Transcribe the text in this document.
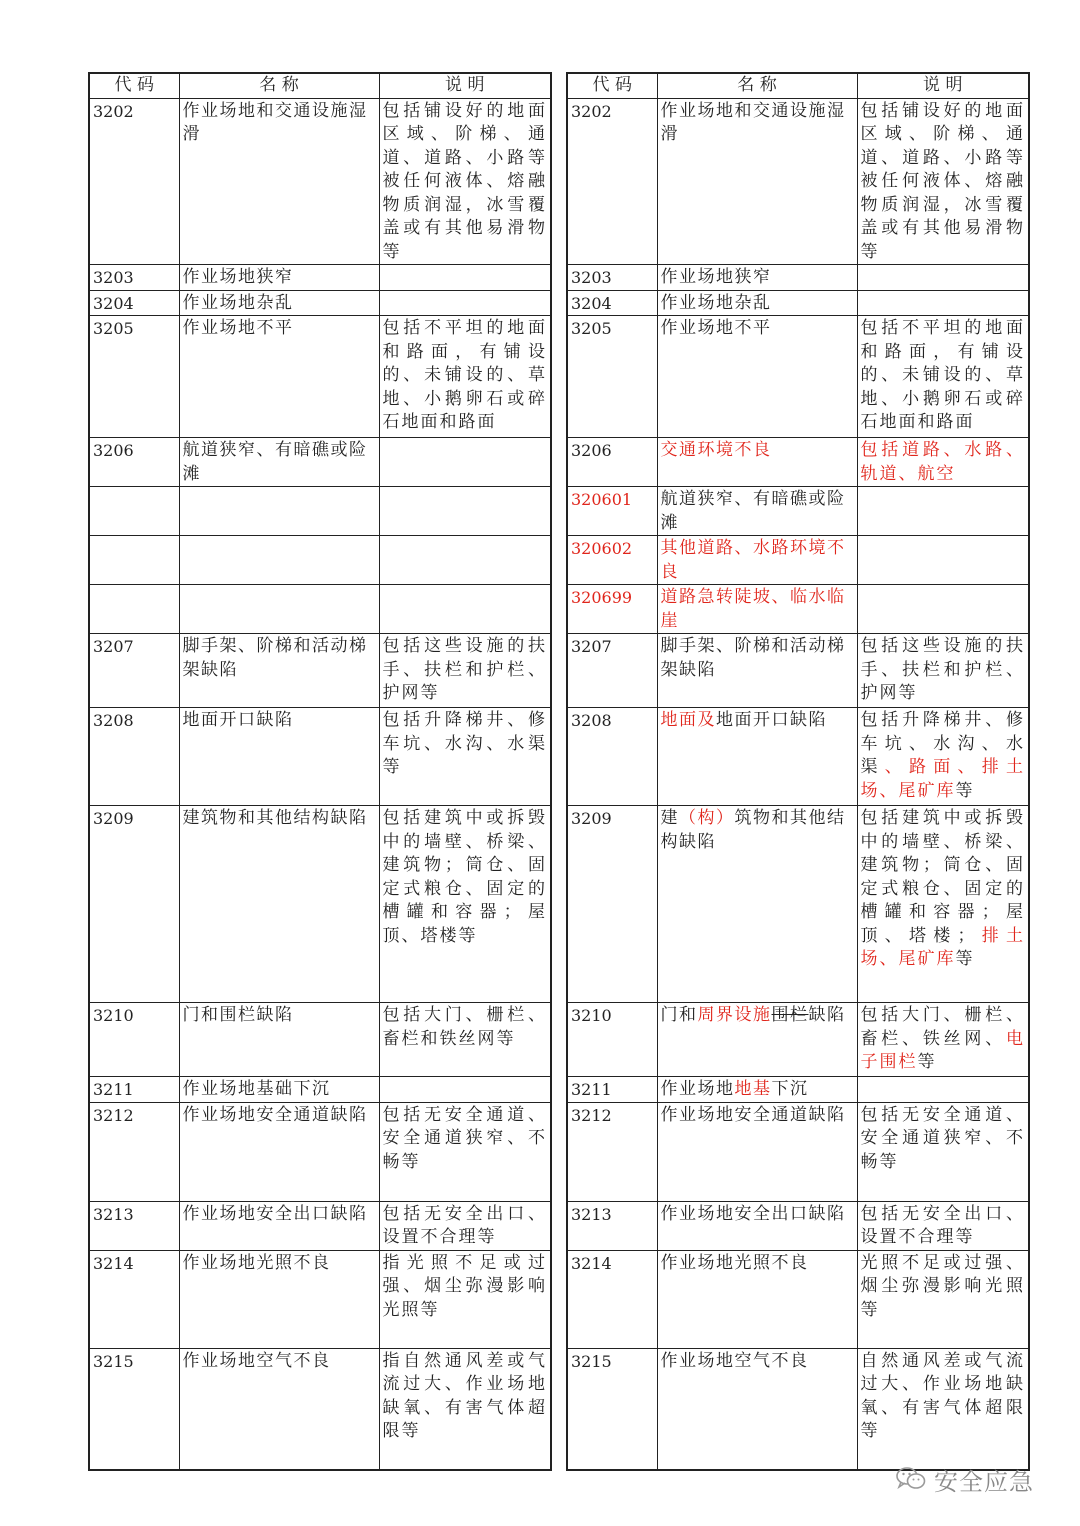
代 码	名 称	说 明
3202	作业场地和交通设施湿滑	包括铺设好的地面区域、阶梯、通道、道路、小路等被任何液体、熔融物质润湿，冰雪覆盖或有其他易滑物等
3203	作业场地狭窄	
3204	作业场地杂乱	
3205	作业场地不平	包括不平坦的地面和路面，有铺设的、未铺设的、草地、小鹅卵石或碎石地面和路面
3206	航道狭窄、有暗礁或险滩	

3207	脚手架、阶梯和活动梯架缺陷	包括这些设施的扶手、扶栏和护栏、护网等
3208	地面开口缺陷	包括升降梯井、修车坑、水沟、水渠等
3209	建筑物和其他结构缺陷	包括建筑中或拆毁中的墙壁、桥梁、建筑物；筒仓、固定式粮仓、固定的槽罐和容器；屋顶、塔楼等
3210	门和围栏缺陷	包括大门、栅栏、畜栏和铁丝网等
3211	作业场地基础下沉	
3212	作业场地安全通道缺陷	包括无安全通道、安全通道狭窄、不畅等
3213	作业场地安全出口缺陷	包括无安全出口、设置不合理等
3214	作业场地光照不良	指光照不足或过强、烟尘弥漫影响光照等
3215	作业场地空气不良	指自然通风差或气流过大、作业场地缺氧、有害气体超限等
代 码	名 称	说 明
3202	作业场地和交通设施湿滑	包括铺设好的地面区域、阶梯、通道、道路、小路等被任何液体、熔融物质润湿，冰雪覆盖或有其他易滑物等
3203	作业场地狭窄	
3204	作业场地杂乱	
3205	作业场地不平	包括不平坦的地面和路面，有铺设的、未铺设的、草地、小鹅卵石或碎石地面和路面
3206	交通环境不良	包括道路、水路、轨道、航空
320601	航道狭窄、有暗礁或险滩	
320602	其他道路、水路环境不良	
320699	道路急转陡坡、临水临崖	
3207	脚手架、阶梯和活动梯架缺陷	包括这些设施的扶手、扶栏和护栏、护网等
3208	地面及地面开口缺陷	包括升降梯井、修车坑、水沟、水渠、路面、排土场、尾矿库等
3209	建（构）筑物和其他结构缺陷	包括建筑中或拆毁中的墙壁、桥梁、建筑物；筒仓、固定式粮仓、固定的槽罐和容器；屋顶、塔楼；排土场、尾矿库等
3210	门和周界设施围栏缺陷	包括大门、栅栏、畜栏、铁丝网、电子围栏等
3211	作业场地地基下沉	
3212	作业场地安全通道缺陷	包括无安全通道、安全通道狭窄、不畅等
3213	作业场地安全出口缺陷	包括无安全出口、设置不合理等
3214	作业场地光照不良	光照不足或过强、烟尘弥漫影响光照等
3215	作业场地空气不良	自然通风差或气流过大、作业场地缺氧、有害气体超限等
安全应急
